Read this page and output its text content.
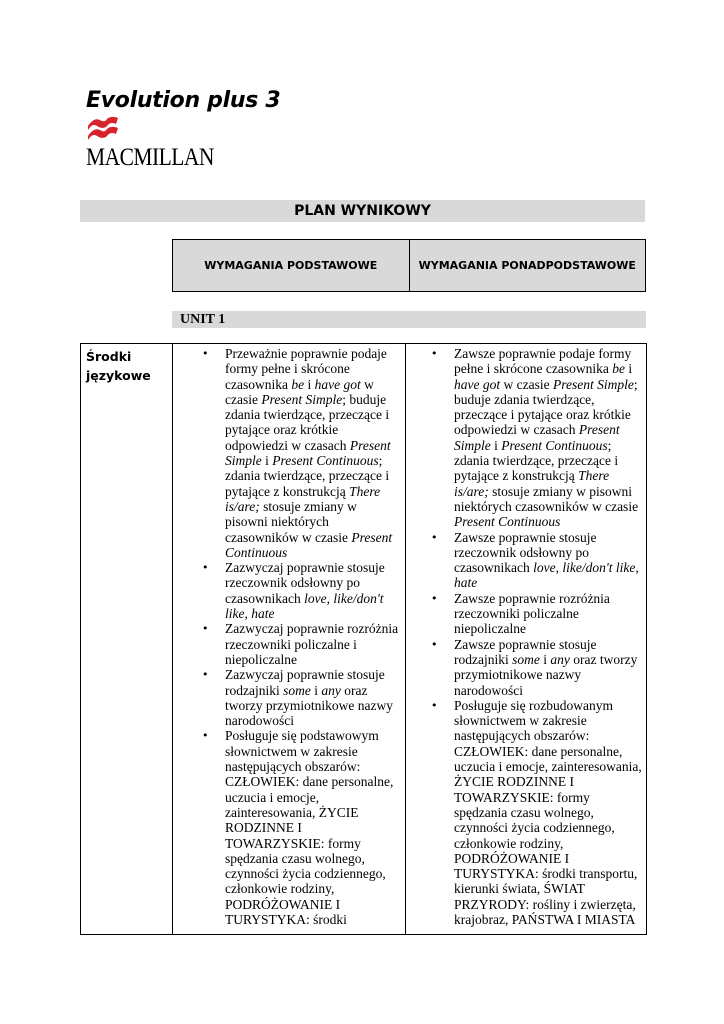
Evolution plus 3
MACMILLAN
PLAN WYNIKOWY
WYMAGANIA PODSTAWOWE	WYMAGANIA PONADPODSTAWOWE
UNIT 1
Środki
językowe
• Przeważnie poprawnie podaje formy pełne i skrócone czasownika be i have got w czasie Present Simple; buduje zdania twierdzące, przeczące i pytające oraz krótkie odpowiedzi w czasach Present Simple i Present Continuous; zdania twierdzące, przeczące i pytające z konstrukcją There is/are; stosuje zmiany w pisowni niektórych czasowników w czasie Present Continuous
• Zazwyczaj poprawnie stosuje rzeczownik odsłowny po czasownikach love, like/don't like, hate
• Zazwyczaj poprawnie rozróżnia rzeczowniki policzalne i niepoliczalne
• Zazwyczaj poprawnie stosuje rodzajniki some i any oraz tworzy przymiotnikowe nazwy narodowości
• Posługuje się podstawowym słownictwem w zakresie następujących obszarów: CZŁOWIEK: dane personalne, uczucia i emocje, zainteresowania, ŻYCIE RODZINNE I TOWARZYSKIE: formy spędzania czasu wolnego, czynności życia codziennego, członkowie rodziny, PODRÓŻOWANIE I TURYSTYKA: środki
• Zawsze poprawnie podaje formy pełne i skrócone czasownika be i have got w czasie Present Simple; buduje zdania twierdzące, przeczące i pytające oraz krótkie odpowiedzi w czasach Present Simple i Present Continuous; zdania twierdzące, przeczące i pytające z konstrukcją There is/are; stosuje zmiany w pisowni niektórych czasowników w czasie Present Continuous
• Zawsze poprawnie stosuje rzeczownik odsłowny po czasownikach love, like/don't like, hate
• Zawsze poprawnie rozróżnia rzeczowniki policzalne niepoliczalne
• Zawsze poprawnie stosuje rodzajniki some i any oraz tworzy przymiotnikowe nazwy narodowości
• Posługuje się rozbudowanym słownictwem w zakresie następujących obszarów: CZŁOWIEK: dane personalne, uczucia i emocje, zainteresowania, ŻYCIE RODZINNE I TOWARZYSKIE: formy spędzania czasu wolnego, czynności życia codziennego, członkowie rodziny, PODRÓŻOWANIE I TURYSTYKA: środki transportu, kierunki świata, ŚWIAT PRZYRODY: rośliny i zwierzęta, krajobraz, PAŃSTWA I MIASTA
